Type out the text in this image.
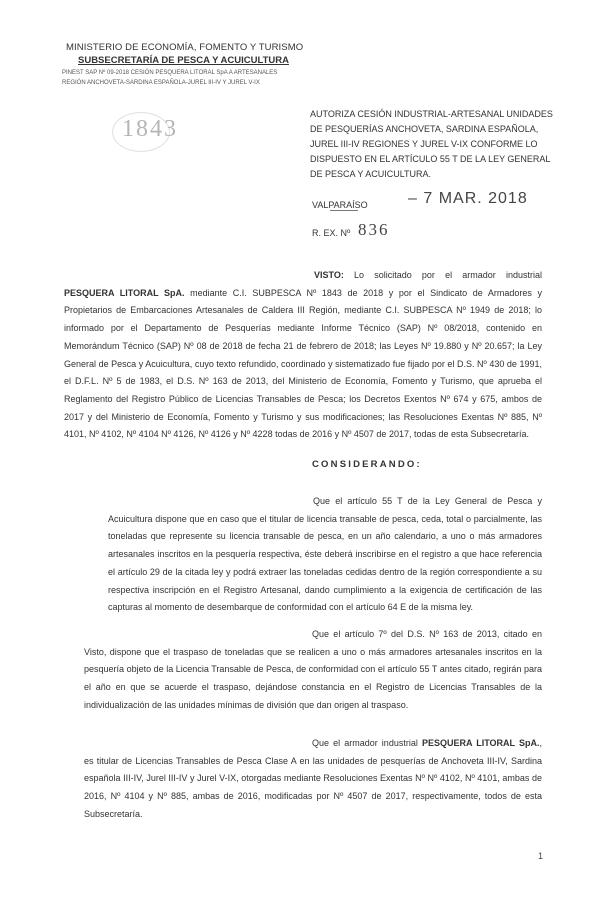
MINISTERIO DE ECONOMÍA, FOMENTO Y TURISMO
SUBSECRETARÍA DE PESCA Y ACUICULTURA
PINEST SAP Nº 09-2018 CESIÓN PESQUERA LITORAL SpA A ARTESANALES REGIÓN ANCHOVETA-SARDINA ESPAÑOLA-JUREL III-IV Y JUREL V-IX
1843
AUTORIZA CESIÓN INDUSTRIAL-ARTESANAL UNIDADES DE PESQUERÍAS ANCHOVETA, SARDINA ESPAÑOLA, JUREL III-IV REGIONES Y JUREL V-IX CONFORME LO DISPUESTO EN EL ARTÍCULO 55 T DE LA LEY GENERAL DE PESCA Y ACUICULTURA.
VALPARAÍSO	– 7 MAR. 2018
R. EX. Nº 836
VISTO: Lo solicitado por el armador industrial PESQUERA LITORAL SpA. mediante C.I. SUBPESCA Nº 1843 de 2018 y por el Sindicato de Armadores y Propietarios de Embarcaciones Artesanales de Caldera III Región, mediante C.I. SUBPESCA Nº 1949 de 2018; lo informado por el Departamento de Pesquerías mediante Informe Técnico (SAP) Nº 08/2018, contenido en Memorándum Técnico (SAP) Nº 08 de 2018 de fecha 21 de febrero de 2018; las Leyes Nº 19.880 y Nº 20.657; la Ley General de Pesca y Acuicultura, cuyo texto refundido, coordinado y sistematizado fue fijado por el D.S. Nº 430 de 1991, el D.F.L. Nº 5 de 1983, el D.S. Nº 163 de 2013, del Ministerio de Economía, Fomento y Turismo, que aprueba el Reglamento del Registro Público de Licencias Transables de Pesca; los Decretos Exentos Nº 674 y 675, ambos de 2017 y del Ministerio de Economía, Fomento y Turismo y sus modificaciones; las Resoluciones Exentas Nº 885, Nº 4101, Nº 4102, Nº 4104 Nº 4126, Nº 4126 y Nº 4228 todas de 2016 y Nº 4507 de 2017, todas de esta Subsecretaría.
CONSIDERANDO:
Que el artículo 55 T de la Ley General de Pesca y Acuicultura dispone que en caso que el titular de licencia transable de pesca, ceda, total o parcialmente, las toneladas que represente su licencia transable de pesca, en un año calendario, a uno o más armadores artesanales inscritos en la pesquería respectiva, éste deberá inscribirse en el registro a que hace referencia el artículo 29 de la citada ley y podrá extraer las toneladas cedidas dentro de la región correspondiente a su respectiva inscripción en el Registro Artesanal, dando cumplimiento a la exigencia de certificación de las capturas al momento de desembarque de conformidad con el artículo 64 E de la misma ley.
Que el artículo 7º del D.S. Nº 163 de 2013, citado en Visto, dispone que el traspaso de toneladas que se realicen a uno o más armadores artesanales inscritos en la pesquería objeto de la Licencia Transable de Pesca, de conformidad con el artículo 55 T antes citado, regirán para el año en que se acuerde el traspaso, dejándose constancia en el Registro de Licencias Transables de la individualización de las unidades mínimas de división que dan origen al traspaso.
Que el armador industrial PESQUERA LITORAL SpA., es titular de Licencias Transables de Pesca Clase A en las unidades de pesquerías de Anchoveta III-IV, Sardina española III-IV, Jurel III-IV y Jurel V-IX, otorgadas mediante Resoluciones Exentas Nº Nº 4102, Nº 4101, ambas de 2016, Nº 4104 y Nº 885, ambas de 2016, modificadas por Nº 4507 de 2017, respectivamente, todos de esta Subsecretaría.
1
